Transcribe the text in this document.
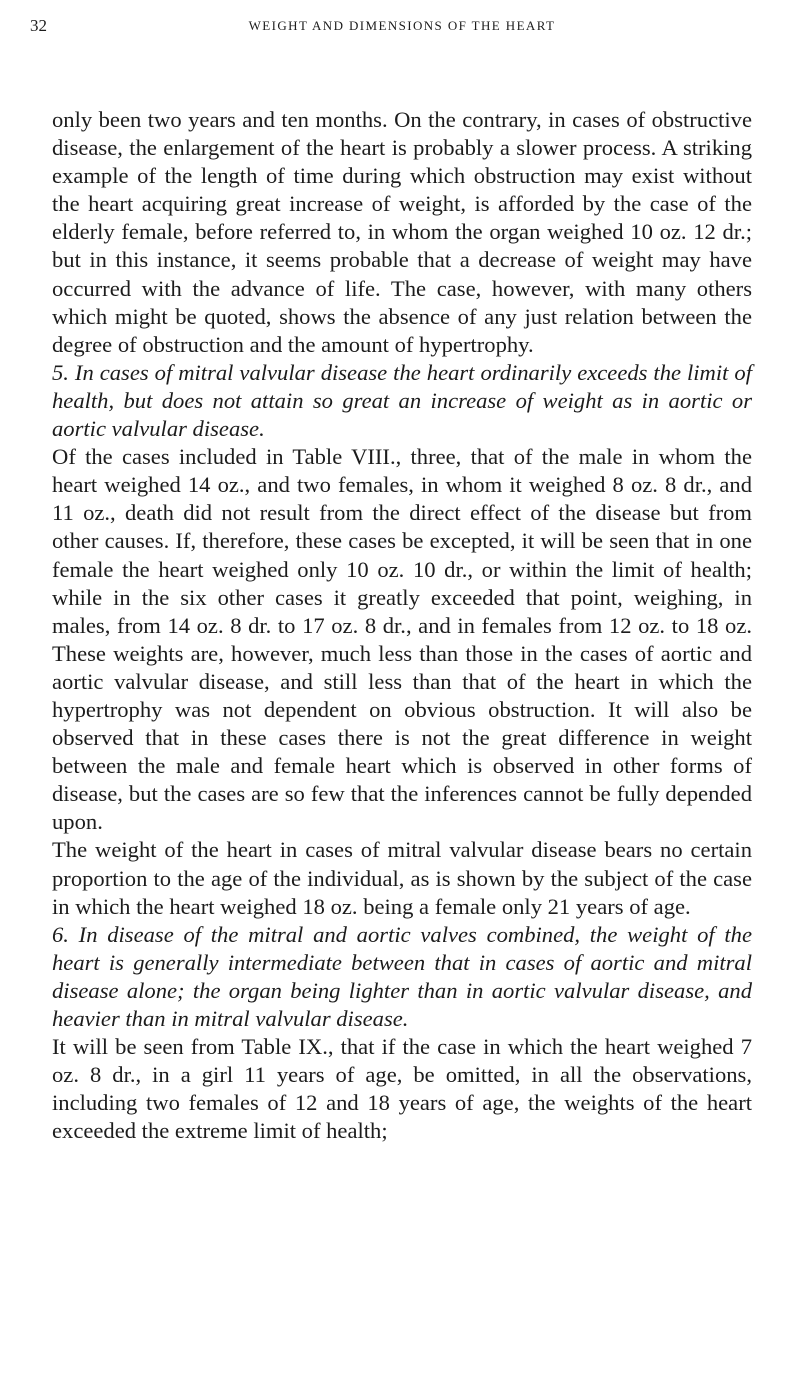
32	WEIGHT AND DIMENSIONS OF THE HEART

only been two years and ten months. On the contrary, in cases of obstructive disease, the enlargement of the heart is probably a slower process. A striking example of the length of time during which obstruction may exist without the heart acquiring great increase of weight, is afforded by the case of the elderly female, before referred to, in whom the organ weighed 10 oz. 12 dr.; but in this instance, it seems probable that a decrease of weight may have occurred with the advance of life. The case, however, with many others which might be quoted, shows the absence of any just relation between the degree of obstruction and the amount of hypertrophy.

5. In cases of mitral valvular disease the heart ordinarily exceeds the limit of health, but does not attain so great an increase of weight as in aortic or aortic valvular disease.

Of the cases included in Table VIII., three, that of the male in whom the heart weighed 14 oz., and two females, in whom it weighed 8 oz. 8 dr., and 11 oz., death did not result from the direct effect of the disease but from other causes. If, therefore, these cases be excepted, it will be seen that in one female the heart weighed only 10 oz. 10 dr., or within the limit of health; while in the six other cases it greatly exceeded that point, weighing, in males, from 14 oz. 8 dr. to 17 oz. 8 dr., and in females from 12 oz. to 18 oz. These weights are, however, much less than those in the cases of aortic and aortic valvular disease, and still less than that of the heart in which the hypertrophy was not dependent on obvious obstruction. It will also be observed that in these cases there is not the great difference in weight between the male and female heart which is observed in other forms of disease, but the cases are so few that the inferences cannot be fully depended upon.

The weight of the heart in cases of mitral valvular disease bears no certain proportion to the age of the individual, as is shown by the subject of the case in which the heart weighed 18 oz. being a female only 21 years of age.

6. In disease of the mitral and aortic valves combined, the weight of the heart is generally intermediate between that in cases of aortic and mitral disease alone; the organ being lighter than in aortic valvular disease, and heavier than in mitral valvular disease.

It will be seen from Table IX., that if the case in which the heart weighed 7 oz. 8 dr., in a girl 11 years of age, be omitted, in all the observations, including two females of 12 and 18 years of age, the weights of the heart exceeded the extreme limit of health;
